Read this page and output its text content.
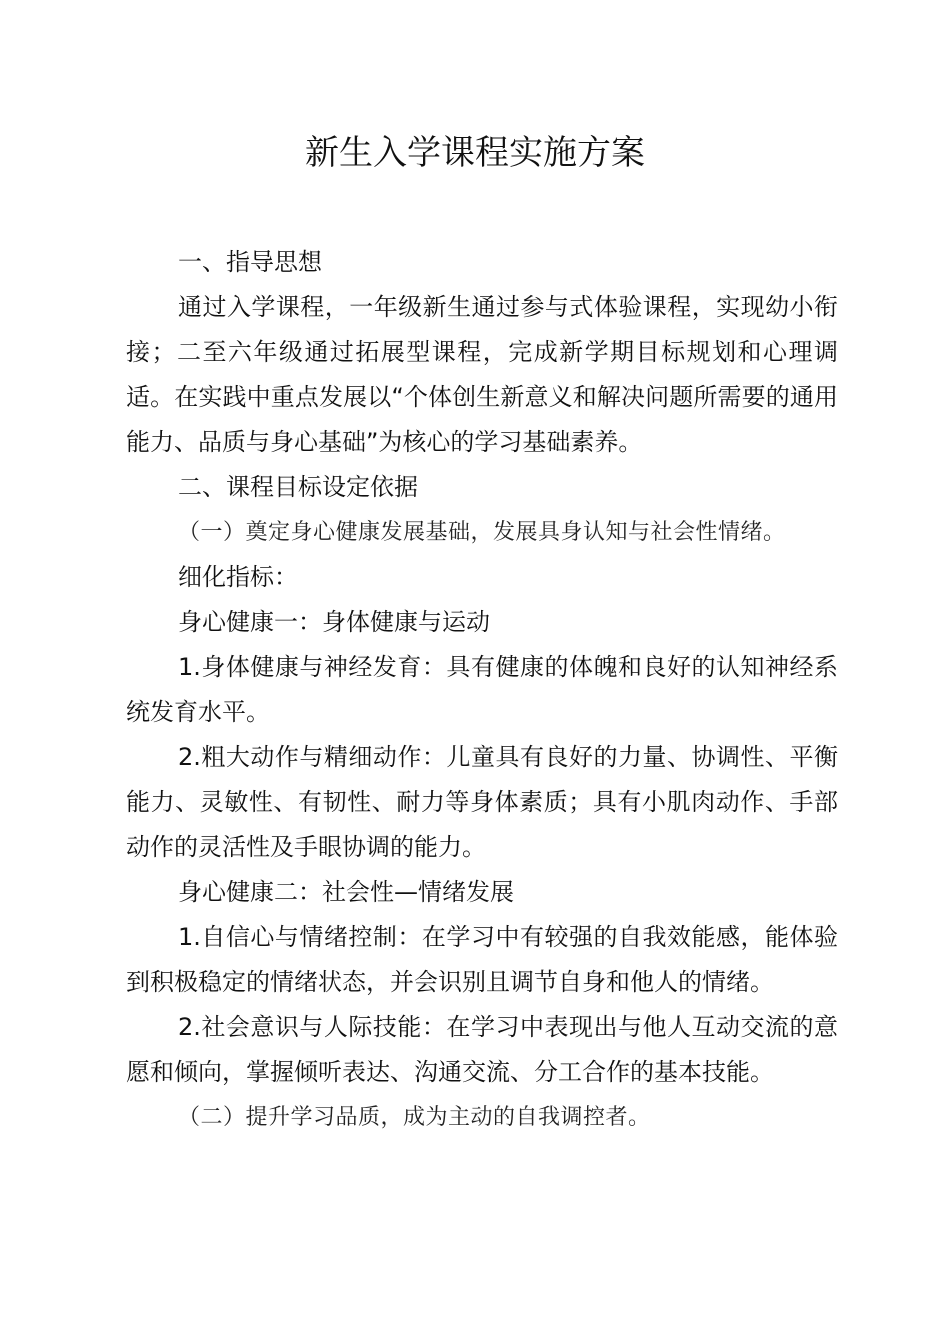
新生入学课程实施方案

一、指导思想

通过入学课程，一年级新生通过参与式体验课程，实现幼小衔接；二至六年级通过拓展型课程，完成新学期目标规划和心理调适。在实践中重点发展以“个体创生新意义和解决问题所需要的通用能力、品质与身心基础”为核心的学习基础素养。

二、课程目标设定依据

（一）奠定身心健康发展基础，发展具身认知与社会性情绪。

细化指标：

身心健康一：身体健康与运动

1.身体健康与神经发育：具有健康的体魄和良好的认知神经系统发育水平。

2.粗大动作与精细动作：儿童具有良好的力量、协调性、平衡能力、灵敏性、有韧性、耐力等身体素质；具有小肌肉动作、手部动作的灵活性及手眼协调的能力。

身心健康二：社会性—情绪发展

1.自信心与情绪控制：在学习中有较强的自我效能感，能体验到积极稳定的情绪状态，并会识别且调节自身和他人的情绪。

2.社会意识与人际技能：在学习中表现出与他人互动交流的意愿和倾向，掌握倾听表达、沟通交流、分工合作的基本技能。

（二）提升学习品质，成为主动的自我调控者。
